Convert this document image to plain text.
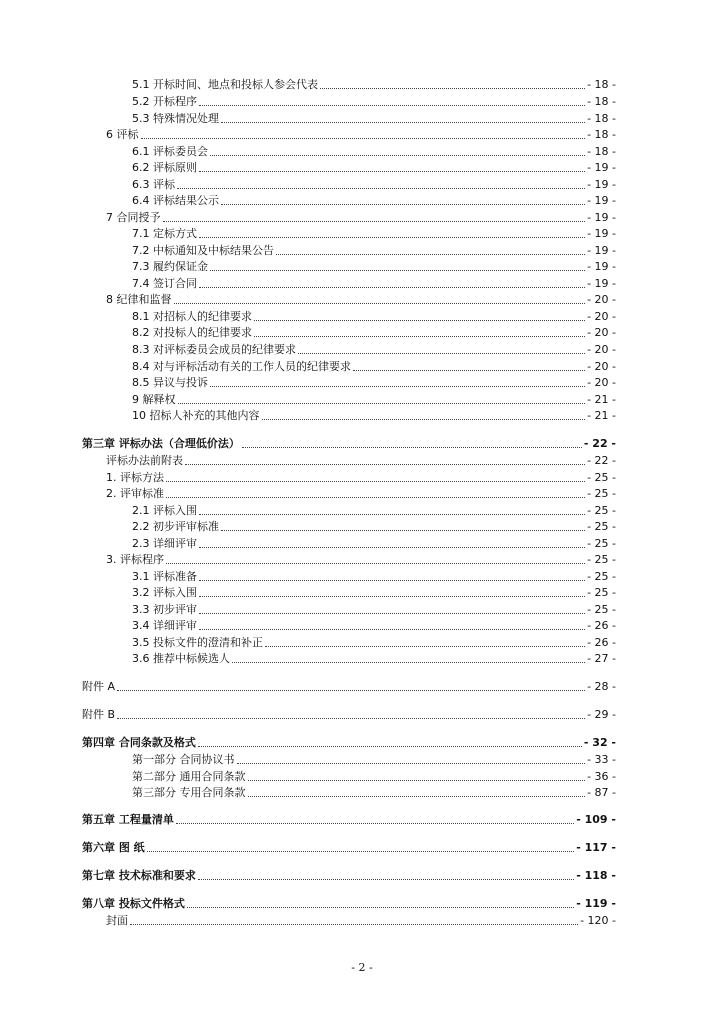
5.1 开标时间、地点和投标人参会代表	- 18 -
5.2 开标程序	- 18 -
5.3 特殊情况处理	- 18 -
6 评标	- 18 -
6.1 评标委员会	- 18 -
6.2 评标原则	- 19 -
6.3 评标	- 19 -
6.4 评标结果公示	- 19 -
7 合同授予	- 19 -
7.1 定标方式	- 19 -
7.2 中标通知及中标结果公告	- 19 -
7.3 履约保证金	- 19 -
7.4 签订合同	- 19 -
8 纪律和监督	- 20 -
8.1 对招标人的纪律要求	- 20 -
8.2 对投标人的纪律要求	- 20 -
8.3 对评标委员会成员的纪律要求	- 20 -
8.4 对与评标活动有关的工作人员的纪律要求	- 20 -
8.5 异议与投诉	- 20 -
9 解释权	- 21 -
10 招标人补充的其他内容	- 21 -
第三章 评标办法（合理低价法）	- 22 -
评标办法前附表	- 22 -
1. 评标方法	- 25 -
2. 评审标准	- 25 -
2.1 评标入围	- 25 -
2.2 初步评审标准	- 25 -
2.3 详细评审	- 25 -
3. 评标程序	- 25 -
3.1 评标准备	- 25 -
3.2 评标入围	- 25 -
3.3 初步评审	- 25 -
3.4 详细评审	- 26 -
3.5 投标文件的澄清和补正	- 26 -
3.6 推荐中标候选人	- 27 -
附件 A	- 28 -
附件 B	- 29 -
第四章 合同条款及格式	- 32 -
第一部分 合同协议书	- 33 -
第二部分 通用合同条款	- 36 -
第三部分 专用合同条款	- 87 -
第五章 工程量清单	- 109 -
第六章 图 纸	- 117 -
第七章 技术标准和要求	- 118 -
第八章 投标文件格式	- 119 -
封面	- 120 -
- 2 -
